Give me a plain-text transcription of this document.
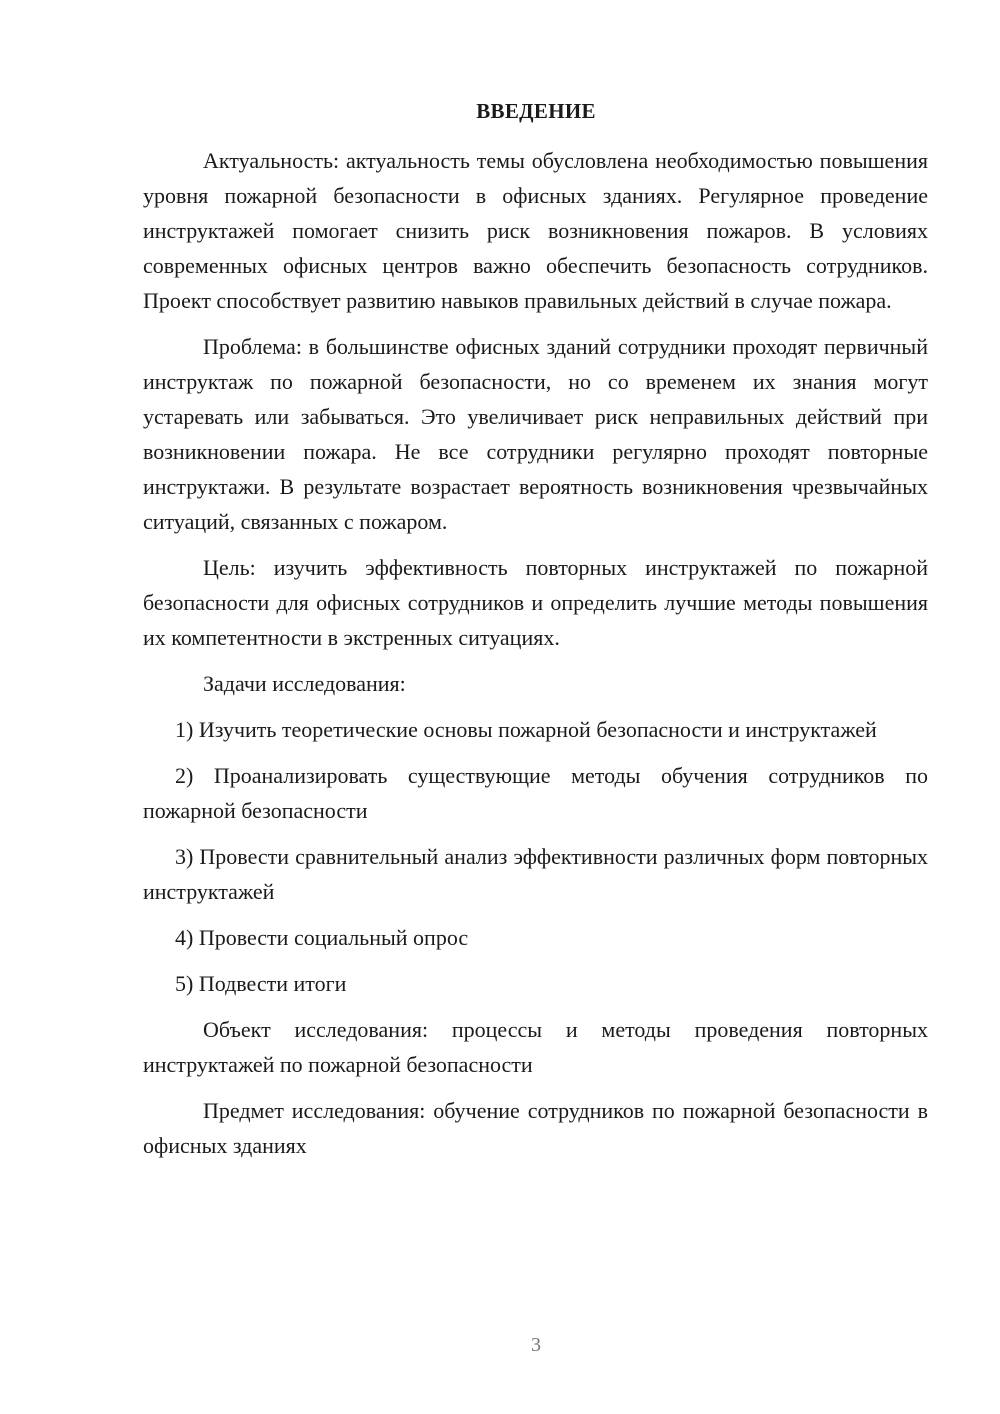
ВВЕДЕНИЕ

Актуальность: актуальность темы обусловлена необходимостью повышения уровня пожарной безопасности в офисных зданиях. Регулярное проведение инструктажей помогает снизить риск возникновения пожаров. В условиях современных офисных центров важно обеспечить безопасность сотрудников. Проект способствует развитию навыков правильных действий в случае пожара.

Проблема: в большинстве офисных зданий сотрудники проходят первичный инструктаж по пожарной безопасности, но со временем их знания могут устаревать или забываться. Это увеличивает риск неправильных действий при возникновении пожара. Не все сотрудники регулярно проходят повторные инструктажи. В результате возрастает вероятность возникновения чрезвычайных ситуаций, связанных с пожаром.

Цель: изучить эффективность повторных инструктажей по пожарной безопасности для офисных сотрудников и определить лучшие методы повышения их компетентности в экстренных ситуациях.

Задачи исследования:

1) Изучить теоретические основы пожарной безопасности и инструктажей

2) Проанализировать существующие методы обучения сотрудников по пожарной безопасности

3) Провести сравнительный анализ эффективности различных форм повторных инструктажей

4) Провести социальный опрос

5) Подвести итоги

Объект исследования: процессы и методы проведения повторных инструктажей по пожарной безопасности

Предмет исследования: обучение сотрудников по пожарной безопасности в офисных зданиях

3
